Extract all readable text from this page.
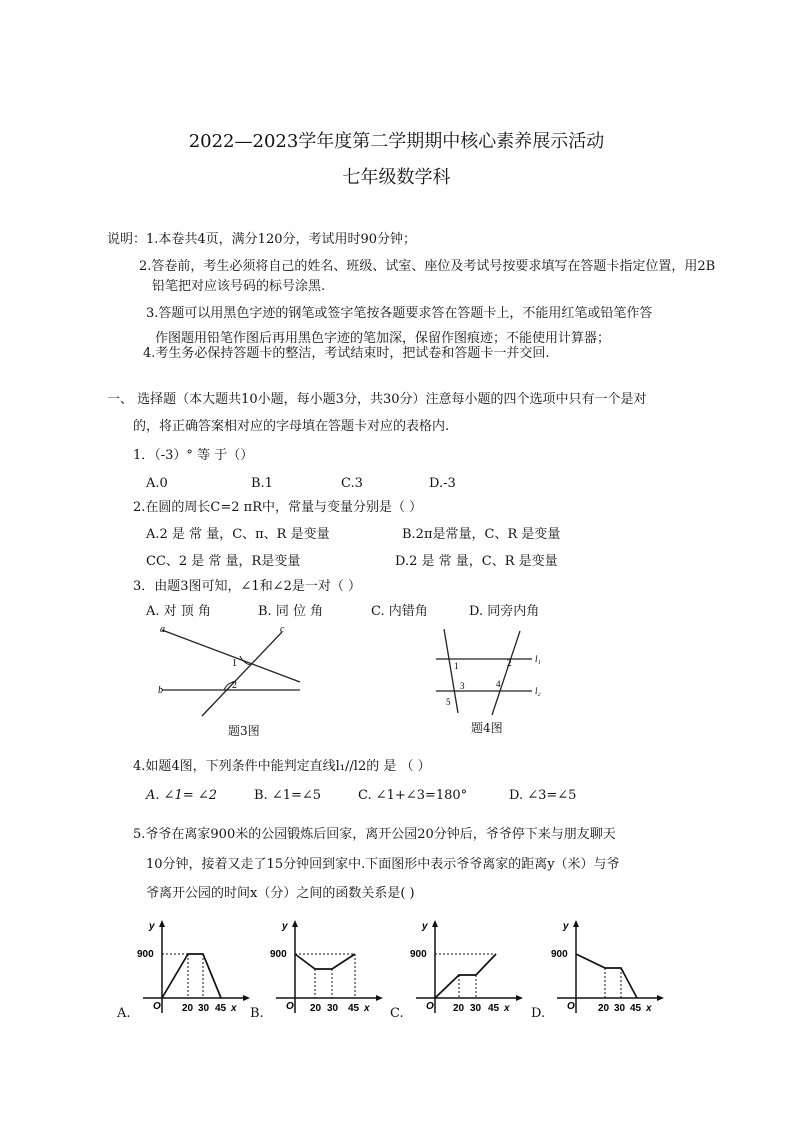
2022—2023学年度第二学期期中核心素养展示活动
七年级数学科
说明： 1.本卷共4页，满分120分，考试用时90分钟；
2.答卷前，考生必须将自己的姓名、班级、试室、座位及考试号按要求填写在答题卡指定位置，用2B
铅笔把对应该号码的标号涂黑.
3.答题可以用黑色字迹的钢笔或签字笔按各题要求答在答题卡上，不能用红笔或铅笔作答
作图题用铅笔作图后再用黑色字迹的笔加深，保留作图痕迹；不能使用计算器；
4.考生务必保持答题卡的整洁，考试结束时，把试卷和答题卡一并交回.
一、 选择题（本大题共10小题，每小题3分，共30分）注意每小题的四个选项中只有一个是对
的，将正确答案相对应的字母填在答题卡对应的表格内.
1．（-3）° 等 于（）
A.0	B.1	C.3	D.-3
2.在圆的周长C=2 πR中，常量与变量分别是（ ）
A.2 是 常 量，C、π、R 是变量	B.2π是常量，C、R 是变量
CC、2 是 常 量，R是变量	D.2 是 常 量，C、R 是变量
3．由题3图可知，∠1和∠2是一对（ ）
A. 对 顶 角	B. 同 位 角	C. 内错角	D. 同旁内角
a
b
c
1
2
题3图
1	2
3	4
5
l₁
l₂
题4图
4.如题4图，下列条件中能判定直线l₁//l2的 是 （ ）
A. ∠1= ∠2	B. ∠1=∠5	C. ∠1+∠3=180°	D. ∠3=∠5
5.爷爷在离家900米的公园锻炼后回家，离开公园20分钟后，爷爷停下来与朋友聊天
10分钟，接着又走了15分钟回到家中.下面图形中表示爷爷离家的距离y（米）与爷
爷离开公园的时间x（分）之间的函数关系是( )
y
900
O 20 30 45 x
A.
y
900
O 20 30 45 x
B.
y
900
O 20 30 45 x
C.
y
900
O 20 30 45 x
D.
